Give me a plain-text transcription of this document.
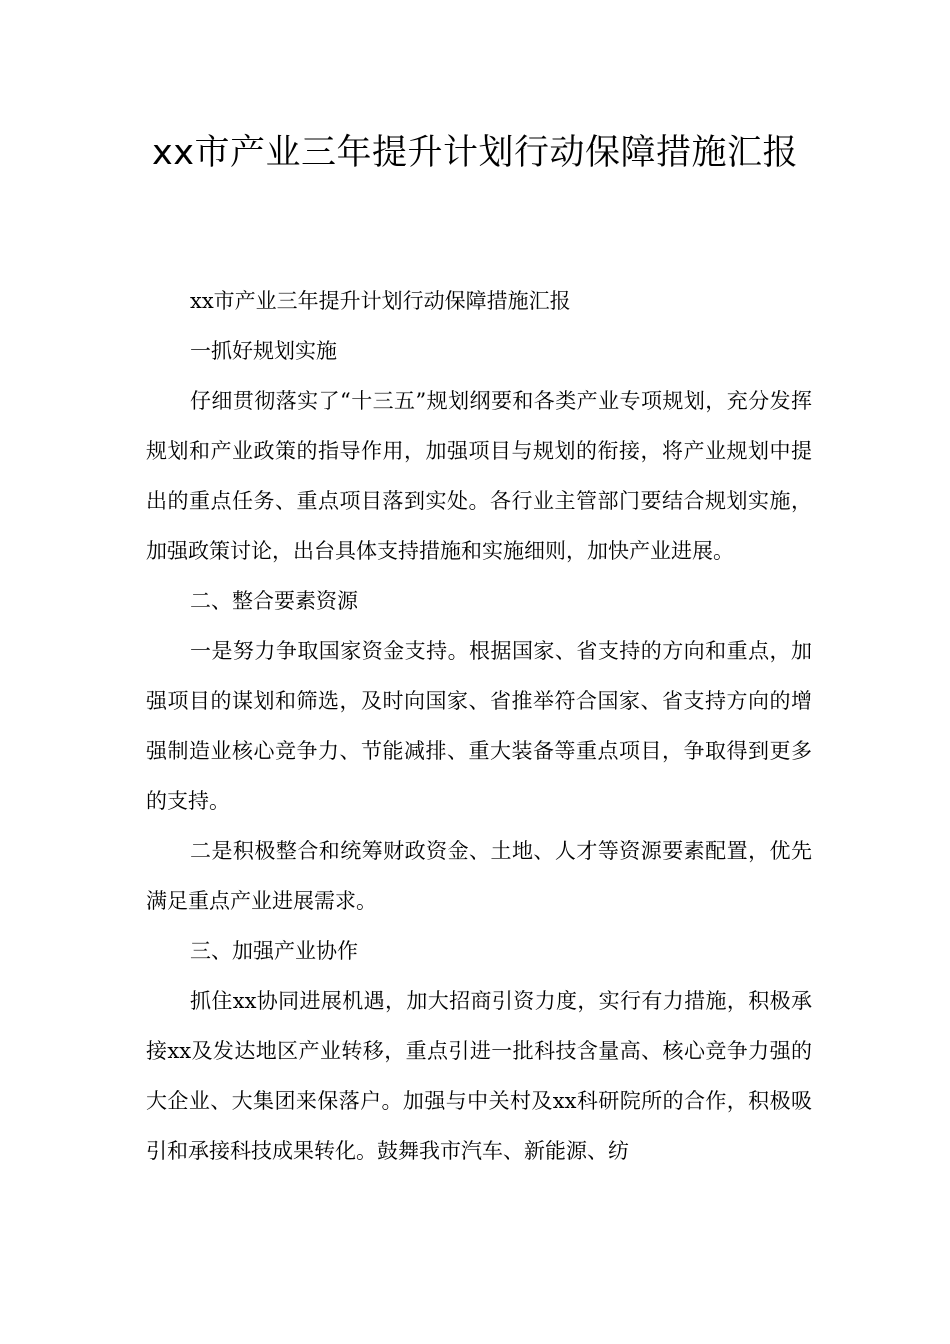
xx市产业三年提升计划行动保障措施汇报

xx市产业三年提升计划行动保障措施汇报

一抓好规划实施

仔细贯彻落实了“十三五”规划纲要和各类产业专项规划，充分发挥规划和产业政策的指导作用，加强项目与规划的衔接，将产业规划中提出的重点任务、重点项目落到实处。各行业主管部门要结合规划实施，加强政策讨论，出台具体支持措施和实施细则，加快产业进展。

二、整合要素资源

一是努力争取国家资金支持。根据国家、省支持的方向和重点，加强项目的谋划和筛选，及时向国家、省推举符合国家、省支持方向的增强制造业核心竞争力、节能减排、重大装备等重点项目，争取得到更多的支持。

二是积极整合和统筹财政资金、土地、人才等资源要素配置，优先满足重点产业进展需求。

三、加强产业协作

抓住xx协同进展机遇，加大招商引资力度，实行有力措施，积极承接xx及发达地区产业转移，重点引进一批科技含量高、核心竞争力强的大企业、大集团来保落户。加强与中关村及xx科研院所的合作，积极吸引和承接科技成果转化。鼓舞我市汽车、新能源、纺
